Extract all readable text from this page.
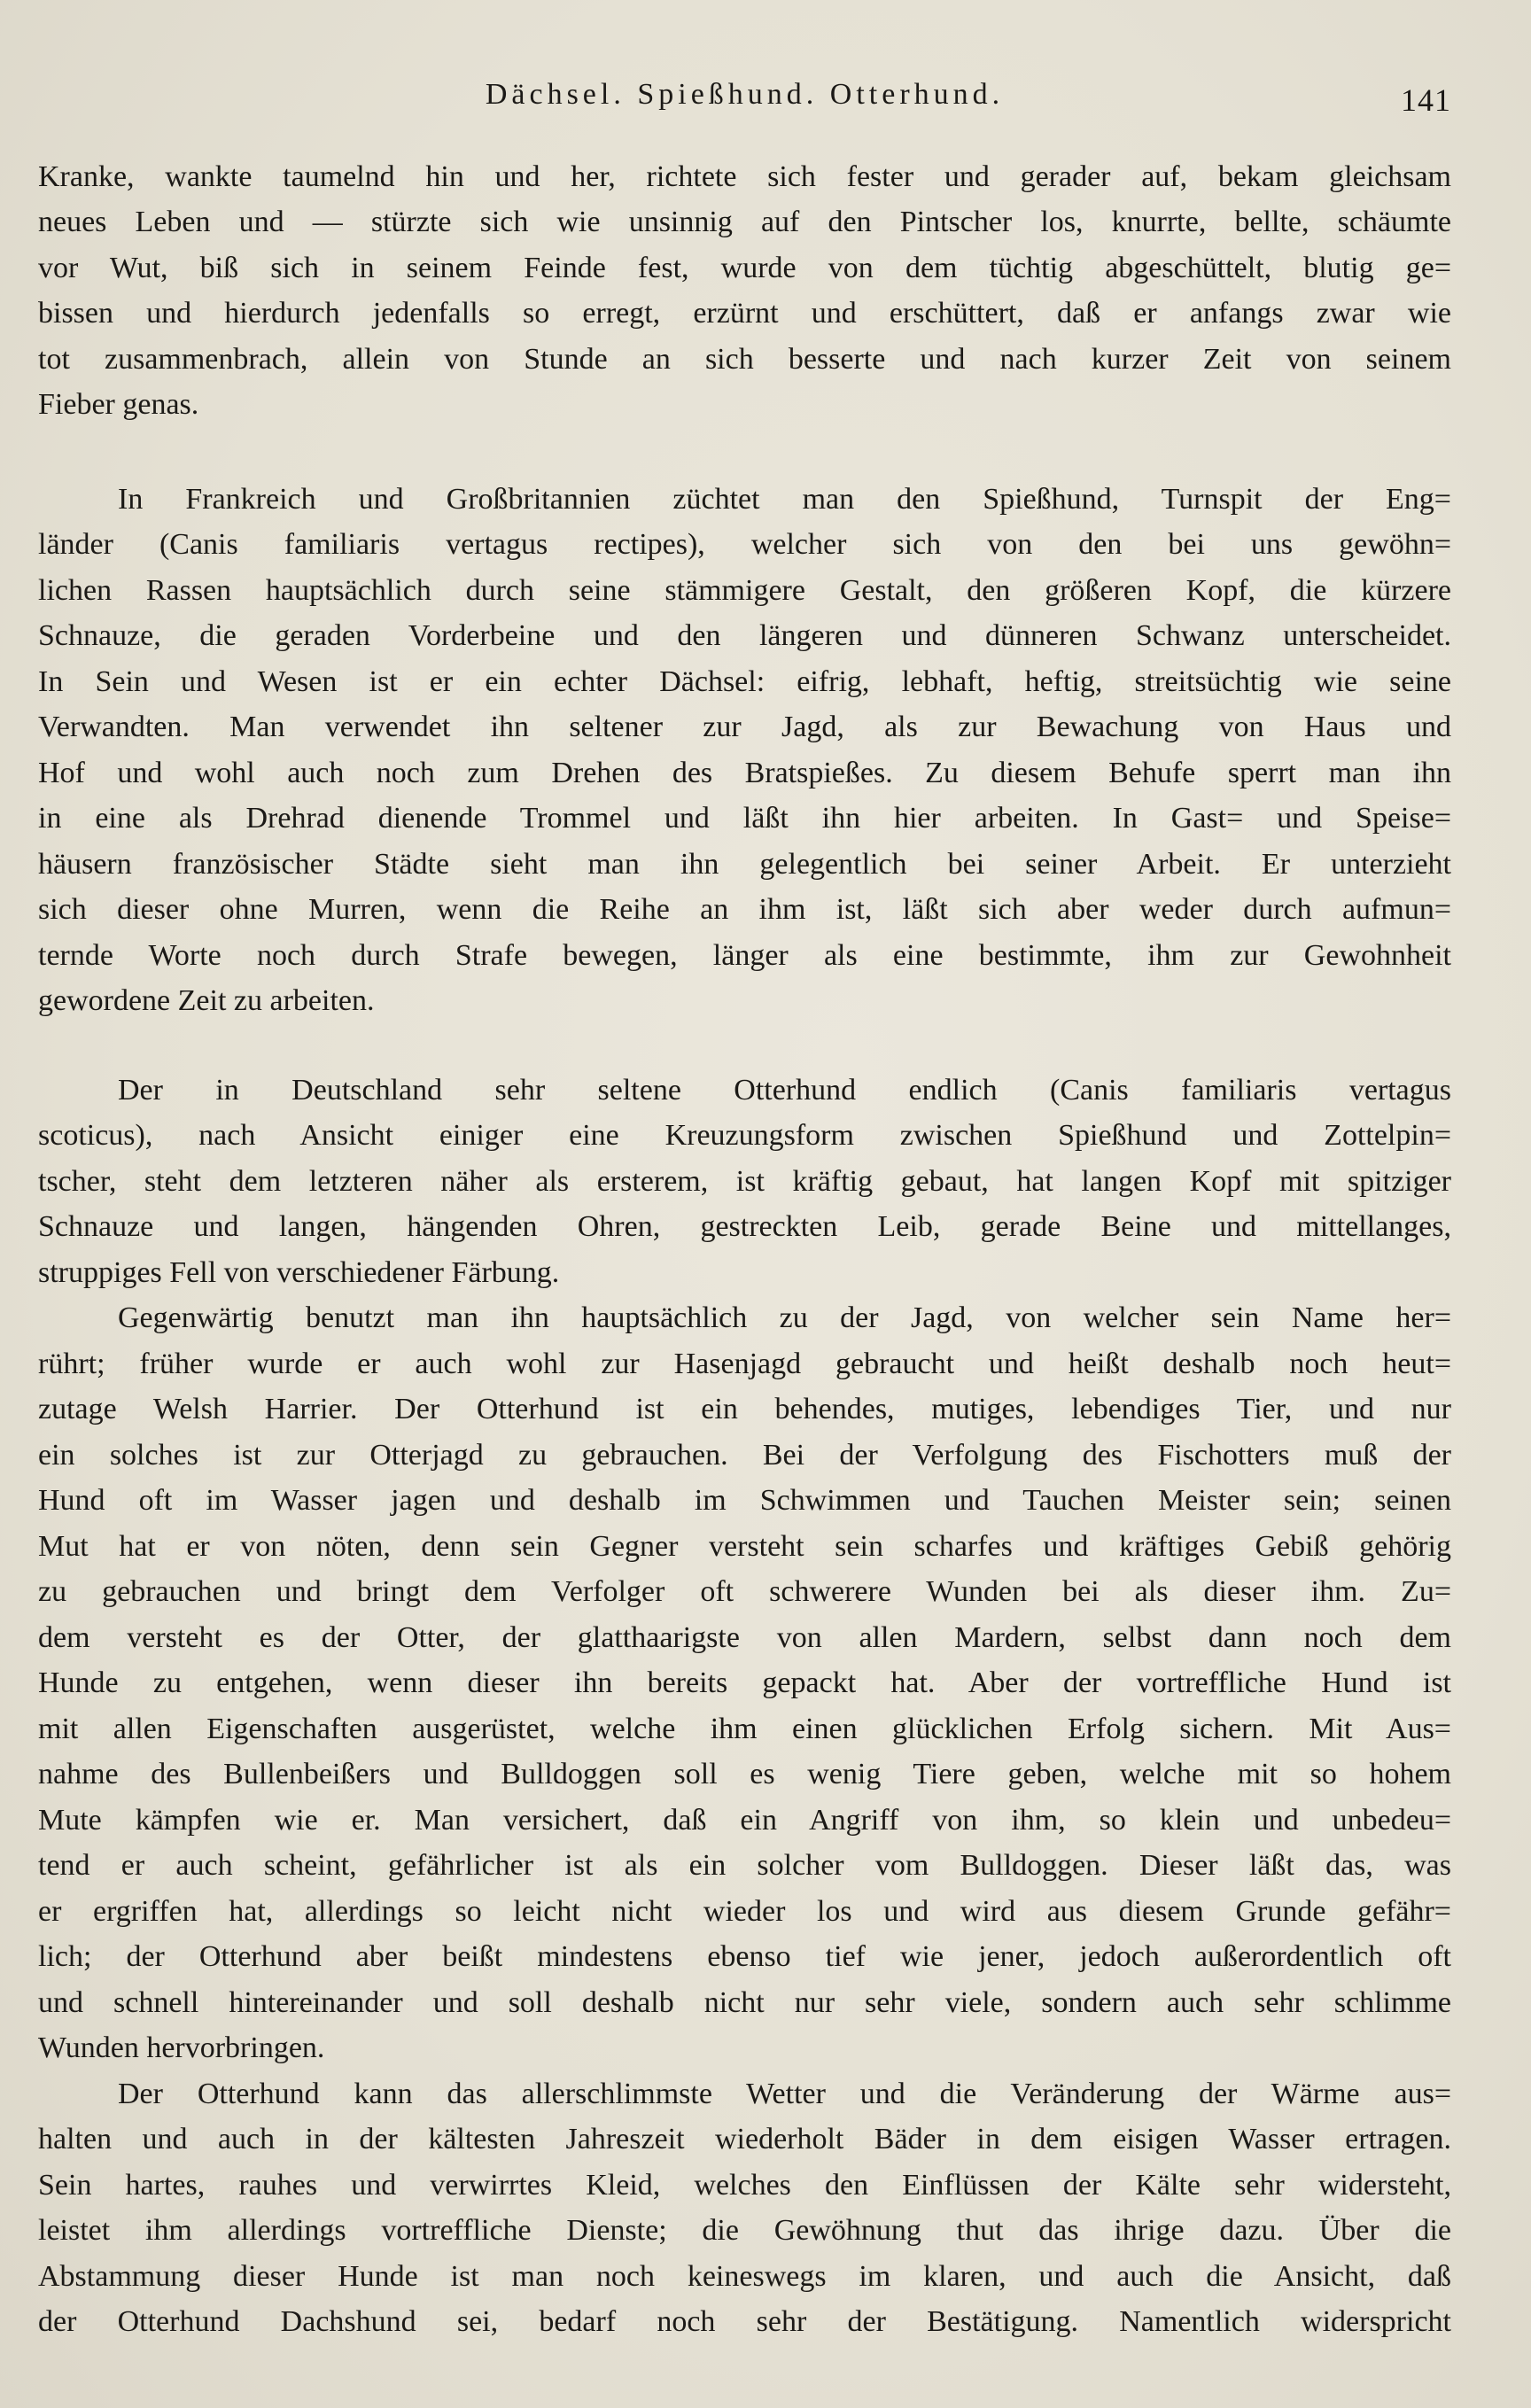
Dächsel. Spießhund. Otterhund.	141
Kranke, wankte taumelnd hin und her, richtete sich fester und gerader auf, bekam gleichsam
neues Leben und — stürzte sich wie unsinnig auf den Pintscher los, knurrte, bellte, schäumte
vor Wut, biß sich in seinem Feinde fest, wurde von dem tüchtig abgeschüttelt, blutig ge=
bissen und hierdurch jedenfalls so erregt, erzürnt und erschüttert, daß er anfangs zwar wie
tot zusammenbrach, allein von Stunde an sich besserte und nach kurzer Zeit von seinem
Fieber genas.
In Frankreich und Großbritannien züchtet man den Spießhund, Turnspit der Eng=
länder (Canis familiaris vertagus rectipes), welcher sich von den bei uns gewöhn=
lichen Rassen hauptsächlich durch seine stämmigere Gestalt, den größeren Kopf, die kürzere
Schnauze, die geraden Vorderbeine und den längeren und dünneren Schwanz unterscheidet.
In Sein und Wesen ist er ein echter Dächsel: eifrig, lebhaft, heftig, streitsüchtig wie seine
Verwandten. Man verwendet ihn seltener zur Jagd, als zur Bewachung von Haus und
Hof und wohl auch noch zum Drehen des Bratspießes. Zu diesem Behufe sperrt man ihn
in eine als Drehrad dienende Trommel und läßt ihn hier arbeiten. In Gast= und Speise=
häusern französischer Städte sieht man ihn gelegentlich bei seiner Arbeit. Er unterzieht
sich dieser ohne Murren, wenn die Reihe an ihm ist, läßt sich aber weder durch aufmun=
ternde Worte noch durch Strafe bewegen, länger als eine bestimmte, ihm zur Gewohnheit
gewordene Zeit zu arbeiten.
Der in Deutschland sehr seltene Otterhund endlich (Canis familiaris vertagus
scoticus), nach Ansicht einiger eine Kreuzungsform zwischen Spießhund und Zottelpin=
tscher, steht dem letzteren näher als ersterem, ist kräftig gebaut, hat langen Kopf mit spitziger
Schnauze und langen, hängenden Ohren, gestreckten Leib, gerade Beine und mittellanges,
struppiges Fell von verschiedener Färbung.
Gegenwärtig benutzt man ihn hauptsächlich zu der Jagd, von welcher sein Name her=
rührt; früher wurde er auch wohl zur Hasenjagd gebraucht und heißt deshalb noch heut=
zutage Welsh Harrier. Der Otterhund ist ein behendes, mutiges, lebendiges Tier, und nur
ein solches ist zur Otterjagd zu gebrauchen. Bei der Verfolgung des Fischotters muß der
Hund oft im Wasser jagen und deshalb im Schwimmen und Tauchen Meister sein; seinen
Mut hat er von nöten, denn sein Gegner versteht sein scharfes und kräftiges Gebiß gehörig
zu gebrauchen und bringt dem Verfolger oft schwerere Wunden bei als dieser ihm. Zu=
dem versteht es der Otter, der glatthaarigste von allen Mardern, selbst dann noch dem
Hunde zu entgehen, wenn dieser ihn bereits gepackt hat. Aber der vortreffliche Hund ist
mit allen Eigenschaften ausgerüstet, welche ihm einen glücklichen Erfolg sichern. Mit Aus=
nahme des Bullenbeißers und Bulldoggen soll es wenig Tiere geben, welche mit so hohem
Mute kämpfen wie er. Man versichert, daß ein Angriff von ihm, so klein und unbedeu=
tend er auch scheint, gefährlicher ist als ein solcher vom Bulldoggen. Dieser läßt das, was
er ergriffen hat, allerdings so leicht nicht wieder los und wird aus diesem Grunde gefähr=
lich; der Otterhund aber beißt mindestens ebenso tief wie jener, jedoch außerordentlich oft
und schnell hintereinander und soll deshalb nicht nur sehr viele, sondern auch sehr schlimme
Wunden hervorbringen.
Der Otterhund kann das allerschlimmste Wetter und die Veränderung der Wärme aus=
halten und auch in der kältesten Jahreszeit wiederholt Bäder in dem eisigen Wasser ertragen.
Sein hartes, rauhes und verwirrtes Kleid, welches den Einflüssen der Kälte sehr widersteht,
leistet ihm allerdings vortreffliche Dienste; die Gewöhnung thut das ihrige dazu. Über die
Abstammung dieser Hunde ist man noch keineswegs im klaren, und auch die Ansicht, daß
der Otterhund Dachshund sei, bedarf noch sehr der Bestätigung. Namentlich widerspricht
